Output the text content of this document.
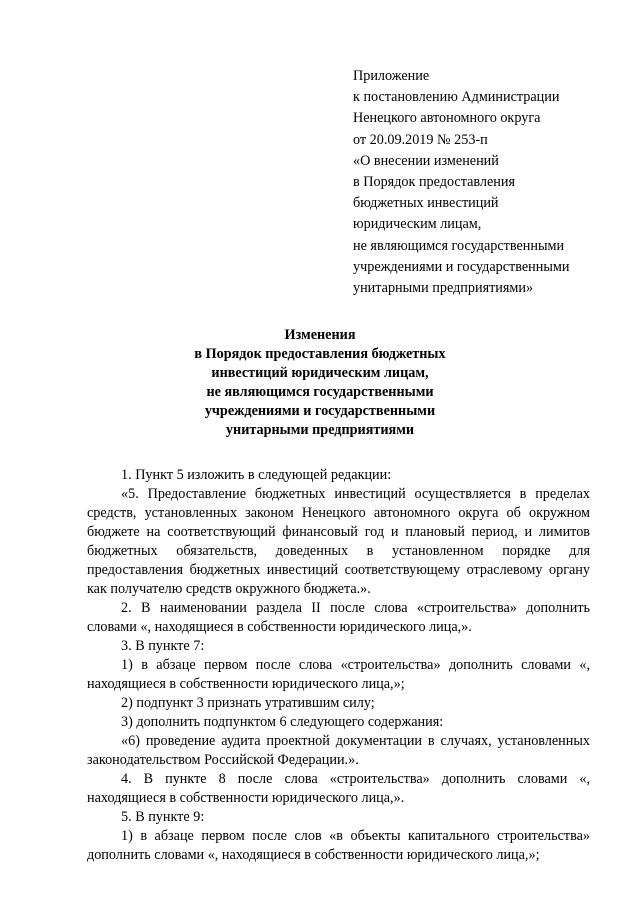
Приложение
к постановлению Администрации
Ненецкого автономного округа
от 20.09.2019 № 253-п
«О внесении изменений
в Порядок предоставления
бюджетных инвестиций
юридическим лицам,
не являющимся государственными
учреждениями и государственными
унитарными предприятиями»
Изменения
в Порядок предоставления бюджетных
инвестиций юридическим лицам,
не являющимся государственными
учреждениями и государственными
унитарными предприятиями

1. Пункт 5 изложить в следующей редакции:

«5. Предоставление бюджетных инвестиций осуществляется в пределах средств, установленных законом Ненецкого автономного округа об окружном бюджете на соответствующий финансовый год и плановый период, и лимитов бюджетных обязательств, доведенных в установленном порядке для предоставления бюджетных инвестиций соответствующему отраслевому органу как получателю средств окружного бюджета.».

2. В наименовании раздела II после слова «строительства» дополнить словами «, находящиеся в собственности юридического лица,».

3. В пункте 7:

1) в абзаце первом после слова «строительства» дополнить словами «, находящиеся в собственности юридического лица,»;

2) подпункт 3 признать утратившим силу;

3) дополнить подпунктом 6 следующего содержания:

«6) проведение аудита проектной документации в случаях, установленных законодательством Российской Федерации.».

4. В пункте 8 после слова «строительства» дополнить словами «, находящиеся в собственности юридического лица,».

5. В пункте 9:

1) в абзаце первом после слов «в объекты капитального строительства» дополнить словами «, находящиеся в собственности юридического лица,»;
